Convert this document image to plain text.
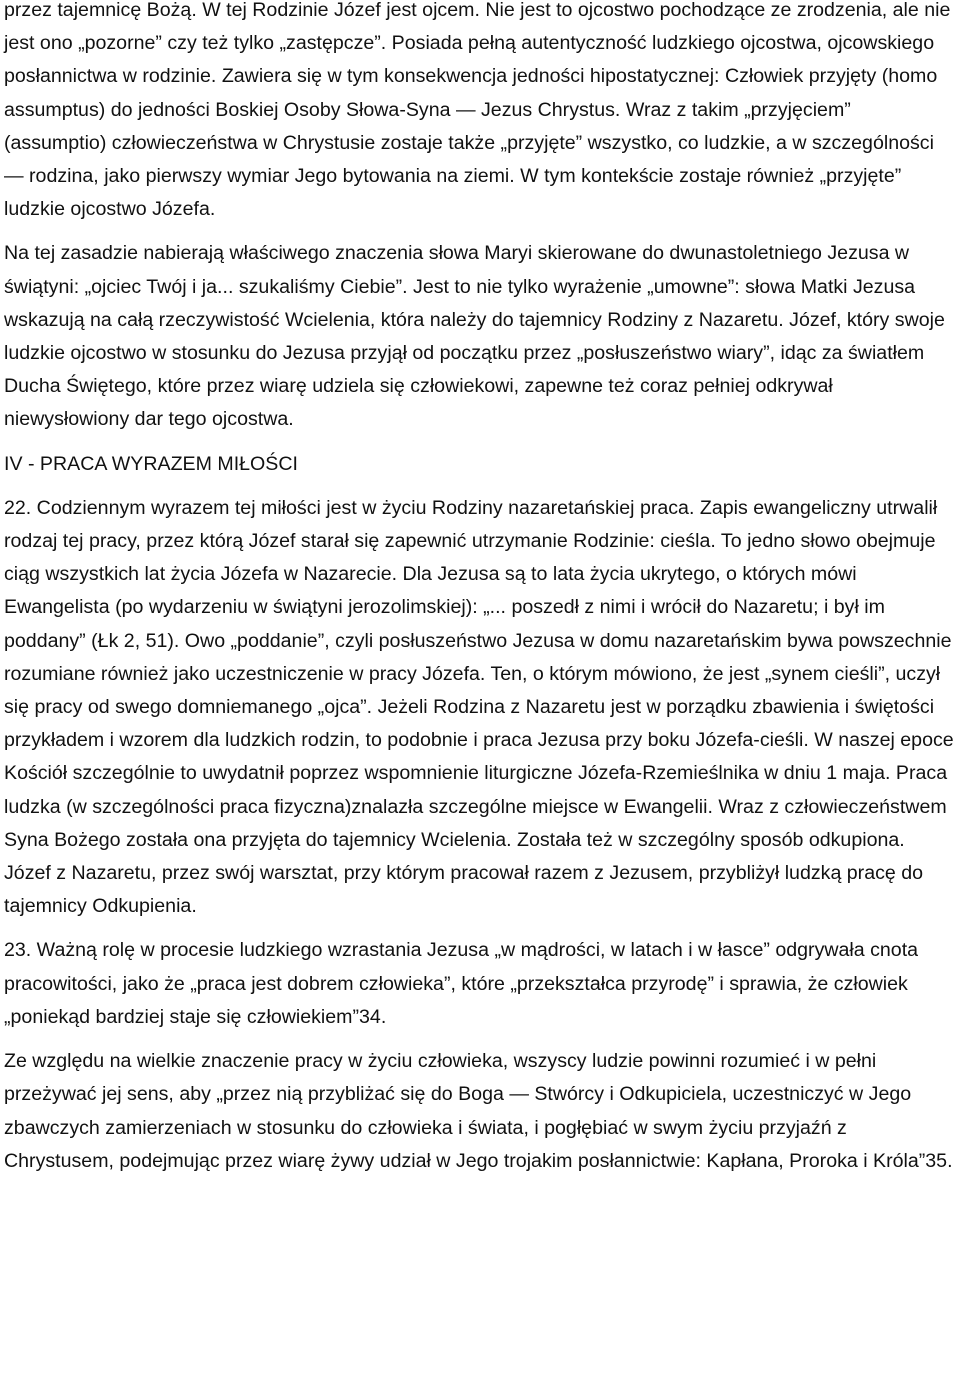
przez tajemnicę Bożą. W tej Rodzinie Józef jest ojcem. Nie jest to ojcostwo pochodzące ze zrodzenia, ale nie jest ono „pozorne” czy też tylko „zastępcze”. Posiada pełną autentyczność ludzkiego ojcostwa, ojcowskiego posłannictwa w rodzinie. Zawiera się w tym konsekwencja jedności hipostatycznej: Człowiek przyjęty (homo assumptus) do jedności Boskiej Osoby Słowa-Syna — Jezus Chrystus. Wraz z takim „przyjęciem” (assumptio) człowieczeństwa w Chrystusie zostaje także „przyjęte” wszystko, co ludzkie, a w szczególności — rodzina, jako pierwszy wymiar Jego bytowania na ziemi. W tym kontekście zostaje również „przyjęte” ludzkie ojcostwo Józefa.

Na tej zasadzie nabierają właściwego znaczenia słowa Maryi skierowane do dwunastoletniego Jezusa w świątyni: „ojciec Twój i ja... szukaliśmy Ciebie”. Jest to nie tylko wyrażenie „umowne”: słowa Matki Jezusa wskazują na całą rzeczywistość Wcielenia, która należy do tajemnicy Rodziny z Nazaretu. Józef, który swoje ludzkie ojcostwo w stosunku do Jezusa przyjął od początku przez „posłuszeństwo wiary”, idąc za światłem Ducha Świętego, które przez wiarę udziela się człowiekowi, zapewne też coraz pełniej odkrywał niewysłowiony dar tego ojcostwa.

IV - PRACA WYRAZEM MIŁOŚCI

22. Codziennym wyrazem tej miłości jest w życiu Rodziny nazaretańskiej praca. Zapis ewangeliczny utrwalił rodzaj tej pracy, przez którą Józef starał się zapewnić utrzymanie Rodzinie: cieśla. To jedno słowo obejmuje ciąg wszystkich lat życia Józefa w Nazarecie. Dla Jezusa są to lata życia ukrytego, o których mówi Ewangelista (po wydarzeniu w świątyni jerozolimskiej): „... poszedł z nimi i wrócił do Nazaretu; i był im poddany” (Łk 2, 51). Owo „poddanie”, czyli posłuszeństwo Jezusa w domu nazaretańskim bywa powszechnie rozumiane również jako uczestniczenie w pracy Józefa. Ten, o którym mówiono, że jest „synem cieśli”, uczył się pracy od swego domniemanego „ojca”. Jeżeli Rodzina z Nazaretu jest w porządku zbawienia i świętości przykładem i wzorem dla ludzkich rodzin, to podobnie i praca Jezusa przy boku Józefa-cieśli. W naszej epoce Kościół szczególnie to uwydatnił poprzez wspomnienie liturgiczne Józefa-Rzemieślnika w dniu 1 maja. Praca ludzka (w szczególności praca fizyczna)znalazła szczególne miejsce w Ewangelii. Wraz z człowieczeństwem Syna Bożego została ona przyjęta do tajemnicy Wcielenia. Została też w szczególny sposób odkupiona. Józef z Nazaretu, przez swój warsztat, przy którym pracował razem z Jezusem, przybliżył ludzką pracę do tajemnicy Odkupienia.

23. Ważną rolę w procesie ludzkiego wzrastania Jezusa „w mądrości, w latach i w łasce” odgrywała cnota pracowitości, jako że „praca jest dobrem człowieka”, które „przekształca przyrodę” i sprawia, że człowiek „poniekąd bardziej staje się człowiekiem”34.

Ze względu na wielkie znaczenie pracy w życiu człowieka, wszyscy ludzie powinni rozumieć i w pełni przeżywać jej sens, aby „przez nią przybliżać się do Boga — Stwórcy i Odkupiciela, uczestniczyć w Jego zbawczych zamierzeniach w stosunku do człowieka i świata, i pogłębiać w swym życiu przyjaźń z Chrystusem, podejmując przez wiarę żywy udział w Jego trojakim posłannictwie: Kapłana, Proroka i Króla”35.
